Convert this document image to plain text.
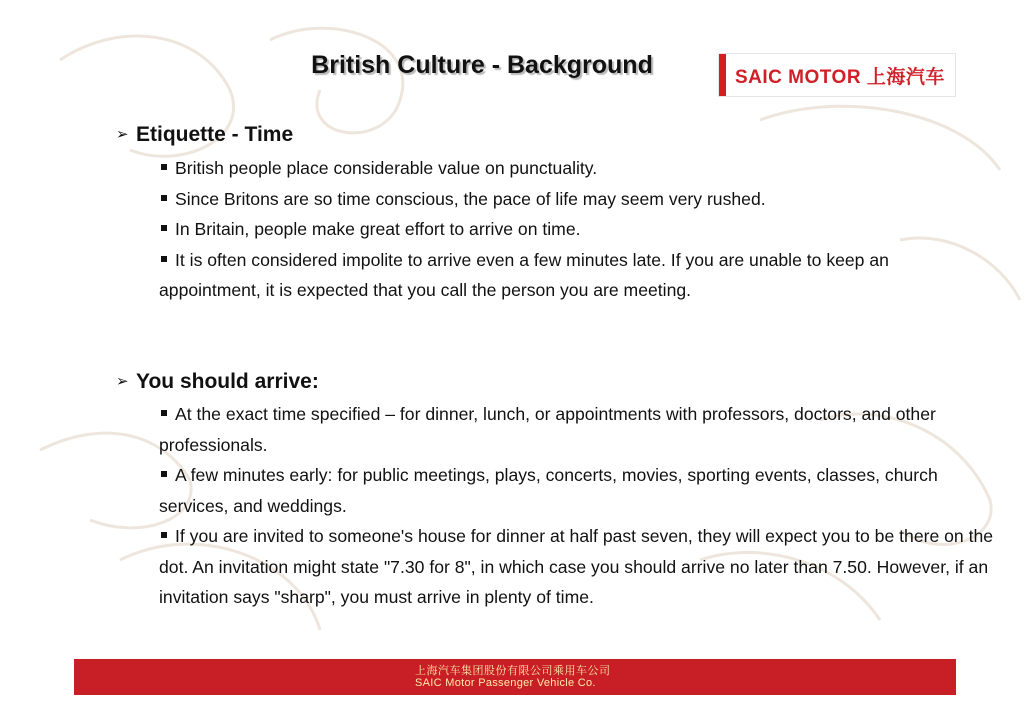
British Culture - Background	SAIC MOTOR 上海汽车
➢ Etiquette - Time
British people place considerable value on punctuality.
Since Britons are so time conscious, the pace of life may seem very rushed.
In Britain, people make great effort to arrive on time.
It is often considered impolite to arrive even a few minutes late. If you are unable to keep an appointment, it is expected that you call the person you are meeting.
➢ You should arrive:
At the exact time specified – for dinner, lunch, or appointments with professors, doctors, and other professionals.
A few minutes early: for public meetings, plays, concerts, movies, sporting events, classes, church services, and weddings.
If you are invited to someone's house for dinner at half past seven, they will expect you to be there on the dot. An invitation might state "7.30 for 8", in which case you should arrive no later than 7.50. However, if an invitation says "sharp", you must arrive in plenty of time.
上海汽车集团股份有限公司乘用车公司
SAIC Motor Passenger Vehicle Co.
